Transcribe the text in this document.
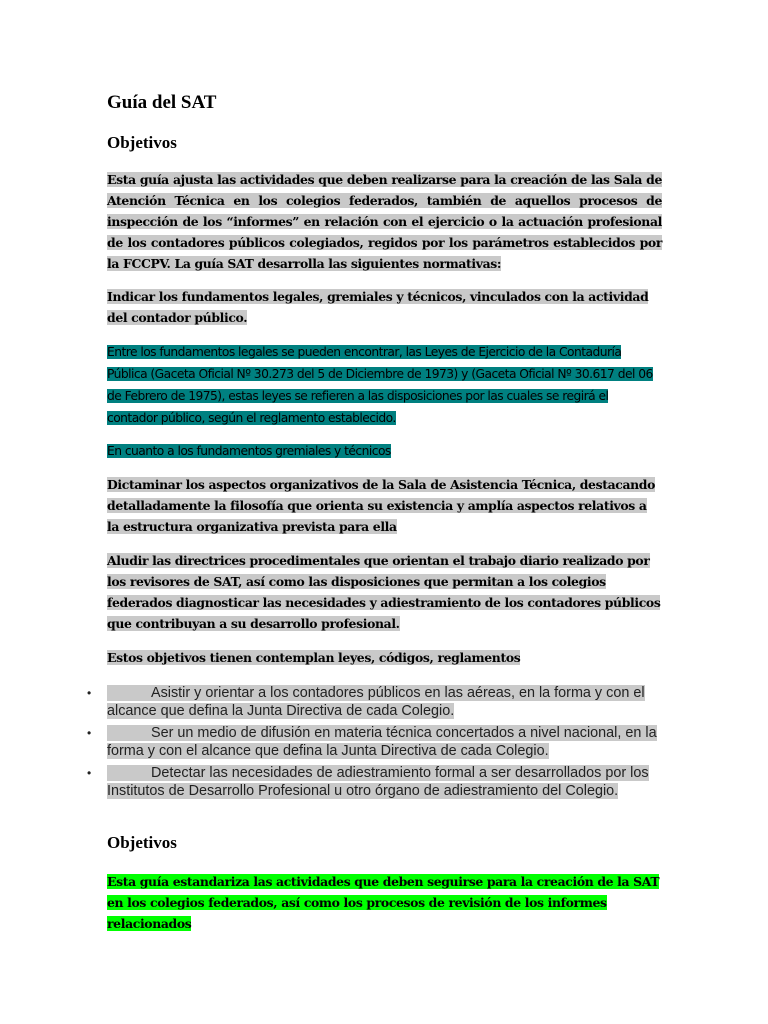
Guía del SAT
Objetivos

Esta guía ajusta las actividades que deben realizarse para la creación de las Sala de Atención Técnica en los colegios federados, también de aquellos procesos de inspección de los “informes” en relación con el ejercicio o la actuación profesional de los contadores públicos colegiados, regidos por los parámetros establecidos por la FCCPV. La guía SAT desarrolla las siguientes normativas:

Indicar los fundamentos legales, gremiales y técnicos, vinculados con la actividad del contador público.

Entre los fundamentos legales se pueden encontrar, las Leyes de Ejercicio de la Contaduría Pública (Gaceta Oficial Nº 30.273 del 5 de Diciembre de 1973) y (Gaceta Oficial Nº 30.617 del 06 de Febrero de 1975), estas leyes se refieren a las disposiciones por las cuales se regirá el contador público, según el reglamento establecido.

En cuanto a los fundamentos gremiales y técnicos

Dictaminar los aspectos organizativos de la Sala de Asistencia Técnica, destacando detalladamente la filosofía que orienta su existencia y amplía aspectos relativos a la estructura organizativa prevista para ella

Aludir las directrices procedimentales que orientan el trabajo diario realizado por los revisores de SAT, así como las disposiciones que permitan a los colegios federados diagnosticar las necesidades y adiestramiento de los contadores públicos que contribuyan a su desarrollo profesional.

Estos objetivos tienen contemplan leyes, códigos, reglamentos

•	Asistir y orientar a los contadores públicos en las aéreas, en la forma y con el alcance que defina la Junta Directiva de cada Colegio.
•	Ser un medio de difusión en materia técnica concertados a nivel nacional, en la forma y con el alcance que defina la Junta Directiva de cada Colegio.
•	Detectar las necesidades de adiestramiento formal a ser desarrollados por los Institutos de Desarrollo Profesional u otro órgano de adiestramiento del Colegio.
Objetivos

Esta guía estandariza las actividades que deben seguirse para la creación de la SAT en los colegios federados, así como los procesos de revisión de los informes relacionados
